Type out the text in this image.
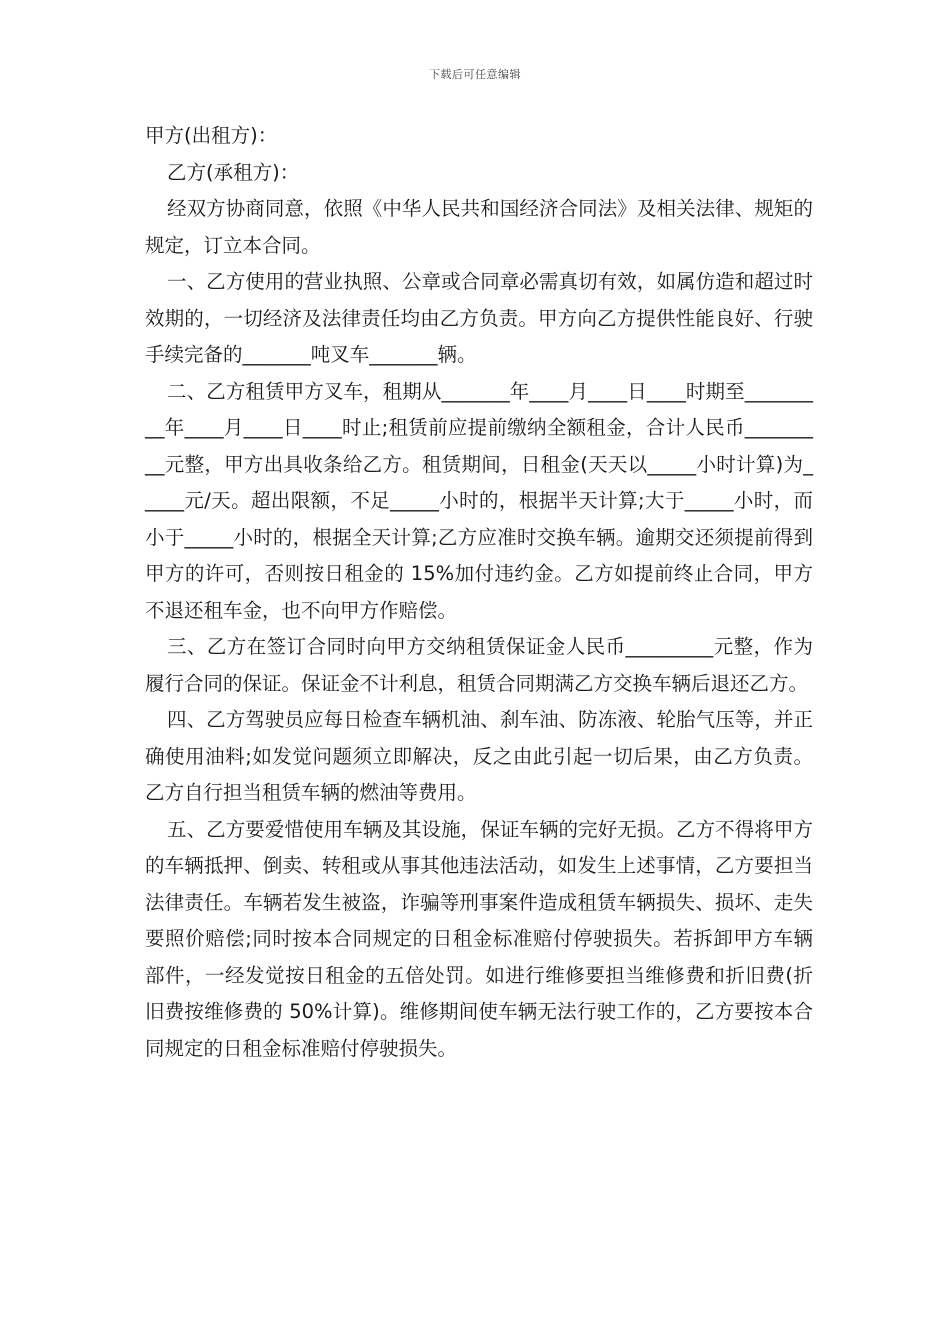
下载后可任意编辑

甲方(出租方)：

乙方(承租方)：

经双方协商同意，依照《中华人民共和国经济合同法》及相关法律、规矩的规定，订立本合同。

一、乙方使用的营业执照、公章或合同章必需真切有效，如属仿造和超过时效期的，一切经济及法律责任均由乙方负责。甲方向乙方提供性能良好、行驶手续完备的_______吨叉车_______辆。

二、乙方租赁甲方叉车，租期从_______年____月____日____时期至_________年____月____日____时止;租赁前应提前缴纳全额租金，合计人民币_________元整，甲方出具收条给乙方。租赁期间，日租金(天天以_____小时计算)为_____元/天。超出限额，不足_____小时的，根据半天计算;大于_____小时，而小于_____小时的，根据全天计算;乙方应准时交换车辆。逾期交还须提前得到甲方的许可，否则按日租金的 15%加付违约金。乙方如提前终止合同，甲方不退还租车金，也不向甲方作赔偿。

三、乙方在签订合同时向甲方交纳租赁保证金人民币_________元整，作为履行合同的保证。保证金不计利息，租赁合同期满乙方交换车辆后退还乙方。

四、乙方驾驶员应每日检查车辆机油、刹车油、防冻液、轮胎气压等，并正确使用油料;如发觉问题须立即解决，反之由此引起一切后果，由乙方负责。乙方自行担当租赁车辆的燃油等费用。

五、乙方要爱惜使用车辆及其设施，保证车辆的完好无损。乙方不得将甲方的车辆抵押、倒卖、转租或从事其他违法活动，如发生上述事情，乙方要担当法律责任。车辆若发生被盗，诈骗等刑事案件造成租赁车辆损失、损坏、走失要照价赔偿;同时按本合同规定的日租金标准赔付停驶损失。若拆卸甲方车辆部件，一经发觉按日租金的五倍处罚。如进行维修要担当维修费和折旧费(折旧费按维修费的 50%计算)。维修期间使车辆无法行驶工作的，乙方要按本合同规定的日租金标准赔付停驶损失。
